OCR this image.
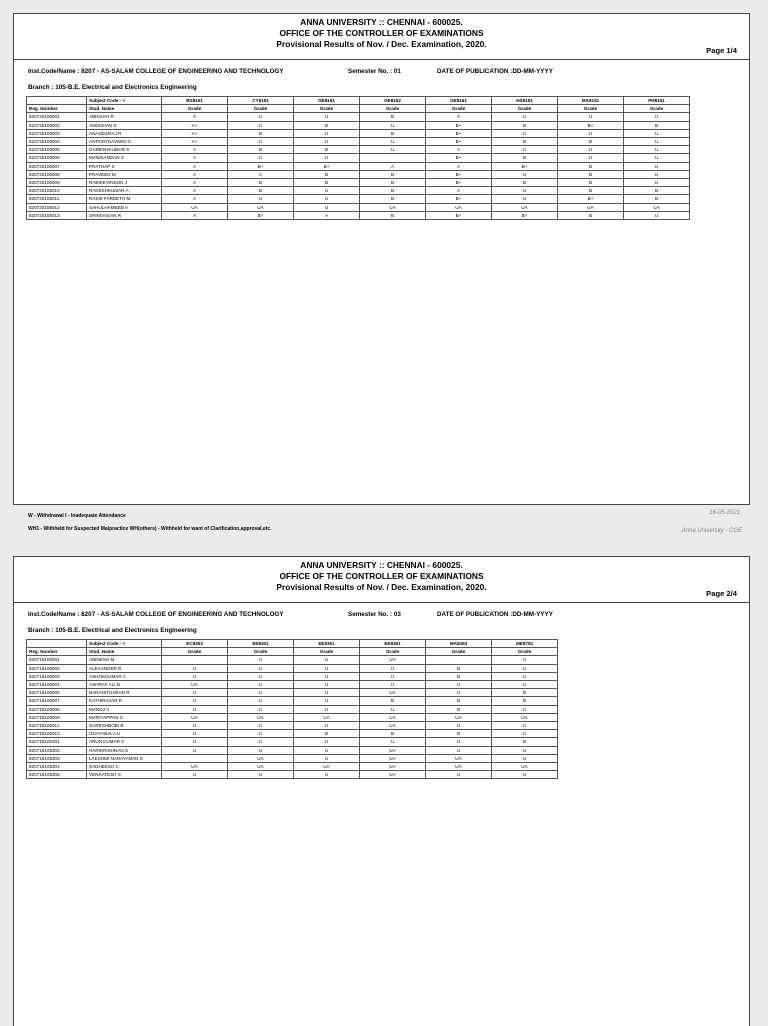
ANNA UNIVERSITY :: CHENNAI - 600025.
OFFICE OF THE CONTROLLER OF EXAMINATIONS
Provisional Results of Nov. / Dec. Examination, 2020.
Page 1/4
Inst.Code/Name : 8207 - AS-SALAM COLLEGE OF ENGINEERING AND TECHNOLOGY	Semester No. : 01	DATE OF PUBLICATION :DD-MM-YYYY
Branch : 105-B.E. Electrical and Electronics Engineering
	Subject Code - >	BS8161	CY8151	GE8151	GE8152	GE8161	HS8151	MA8151	PH8151
Reg. Number	Stud. Name	Grade	Grade	Grade	Grade	Grade	Grade	Grade	Grade
820720105001	ABINASH R	A	U	U	B	A	U	U	U
820720105002	AMUDHAN S	A+	U	B	U	B+	B	B+	B
820720105003	ANANDARAJ R	A+	B	U	B	B+	U	U	U
820720105004	ANTONYNAVEEN S	A+	U	U	U	B+	B	B	U
820720105005	GANESHKUMAR S	A	B	B	U	A	U	U	U
820720105006	MANIKANDAN S	A	U	U		B+	B	U	U
820720105007	PRATHAP S	A	B+	B+	A	A	B+	B	U
820720105008	PRAVEEN M	A	A	B	B	B+	U	B	U
820720105009	RABIKEVINSON J	A	B	B	B	B+	B	B	U
820720105010	RAKESHKUMAR A	A	B	U	B	A	U	B	B
820720105011	RASIK FAREETH M	A	U	U	B	B+	U	B+	B
820720105012	SAHULHAMEED A	UA	UA	U	UA	UA	UA	UA	UA
820720105013	SRINIVASAN R	A	B+	A	B	B+	B+	B	U
W - Withdrawal I - Inadequate Attendance
WH1 - Withheld for Suspected Malpractice WH(others) - Withheld for want of Clarification,approval,etc.
16-05-2021
Anna University - COE
ANNA UNIVERSITY :: CHENNAI - 600025.
OFFICE OF THE CONTROLLER OF EXAMINATIONS
Provisional Results of Nov. / Dec. Examination, 2020.
Page 2/4
Inst.Code/Name : 8207 - AS-SALAM COLLEGE OF ENGINEERING AND TECHNOLOGY	Semester No. : 03	DATE OF PUBLICATION :DD-MM-YYYY
Branch : 105-B.E. Electrical and Electronics Engineering
	Subject Code - >	EC8353	EE8301	EE8351	EE8391	MA8353	ME8792
Reg. Number	Stud. Name	Grade	Grade	Grade	Grade	Grade	Grade
820719105001	ABINESH M		U	U	UA		U
820719105002	ALEXANDER B	U	U	U	U	B	U
820719105003	ASHOKKUMAR A	U	U	U	U	B	U
820719105004	ASHRAF ALI B	UA	U	U	U	U	U
820719105005	BARANITHARAN R	U	U	U	UA	U	B
820719105007	KATHIRAVAN R	U	U	U	B	B	B
820719105008	MANOJ A	U	U	U	U	B	U
820719105009	MARIYAPPAN S	UA	UA	UA	UA	UA	UA
820719105011	SURESHBOBI B	U	U	U	UA	U	U
820719105012	UDAYABALA U	U	U	B	B	B	U
820719105301	ARUN KUMAR V	U	U	U	U	U	B
820719105302	HARIKRISHNAN S	U	U	U	UA	U	U
820719105303	LAKSHMI NARAYANAN S		UA	U	UA	UA	U
820719105304	SADHEESH C	UA	UA	UA	UA	UA	UA
820719105305	VENKATESH S	U	U	U	UA	U	U
